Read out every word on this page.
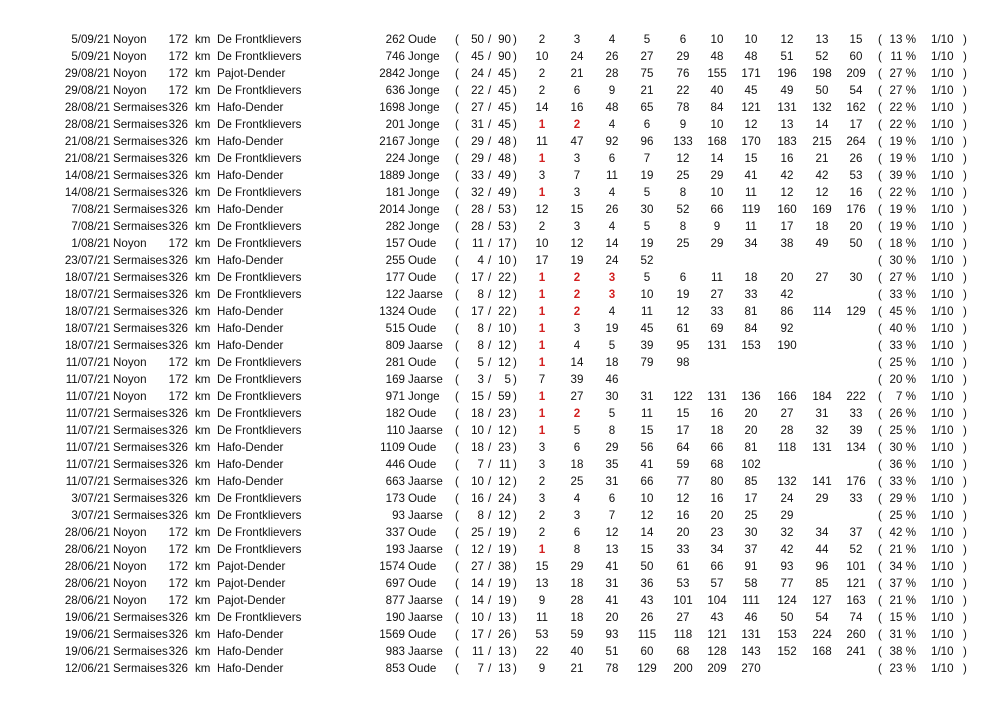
5/09/21 Noyon 172 km De Frontklievers	262 Oude ( 50 / 90 )	2	3	4	5	6	10	10	12	13	15	( 13 % 1/10 )
5/09/21 Noyon 172 km De Frontklievers	746 Jonge ( 45 / 90 )	10	24	26	27	29	48	48	51	52	60	( 11 % 1/10 )
29/08/21 Noyon 172 km Pajot-Dender	2842 Jonge ( 24 / 45 )	2	21	28	75	76	155	171	196	198	209	( 27 % 1/10 )
29/08/21 Noyon 172 km De Frontklievers	636 Jonge ( 22 / 45 )	2	6	9	21	22	40	45	49	50	54	( 27 % 1/10 )
28/08/21 Sermaises 326 km Hafo-Dender	1698 Jonge ( 27 / 45 )	14	16	48	65	78	84	121	131	132	162	( 22 % 1/10 )
28/08/21 Sermaises 326 km De Frontklievers	201 Jonge ( 31 / 45 )	1	2	4	6	9	10	12	13	14	17	( 22 % 1/10 )
21/08/21 Sermaises 326 km Hafo-Dender	2167 Jonge ( 29 / 48 )	11	47	92	96	133	168	170	183	215	264	( 19 % 1/10 )
21/08/21 Sermaises 326 km De Frontklievers	224 Jonge ( 29 / 48 )	1	3	6	7	12	14	15	16	21	26	( 19 % 1/10 )
14/08/21 Sermaises 326 km Hafo-Dender	1889 Jonge ( 33 / 49 )	3	7	11	19	25	29	41	42	42	53	( 39 % 1/10 )
14/08/21 Sermaises 326 km De Frontklievers	181 Jonge ( 32 / 49 )	1	3	4	5	8	10	11	12	12	16	( 22 % 1/10 )
7/08/21 Sermaises 326 km Hafo-Dender	2014 Jonge ( 28 / 53 )	12	15	26	30	52	66	119	160	169	176	( 19 % 1/10 )
7/08/21 Sermaises 326 km De Frontklievers	282 Jonge ( 28 / 53 )	2	3	4	5	8	9	11	17	18	20	( 19 % 1/10 )
1/08/21 Noyon 172 km De Frontklievers	157 Oude ( 11 / 17 )	10	12	14	19	25	29	34	38	49	50	( 18 % 1/10 )
23/07/21 Sermaises 326 km Hafo-Dender	255 Oude ( 4 / 10 )	17	19	24	52	( 30 % 1/10 )
18/07/21 Sermaises 326 km De Frontklievers	177 Oude ( 17 / 22 )	1	2	3	5	6	11	18	20	27	30	( 27 % 1/10 )
18/07/21 Sermaises 326 km De Frontklievers	122 Jaarse ( 8 / 12 )	1	2	3	10	19	27	33	42	( 33 % 1/10 )
18/07/21 Sermaises 326 km Hafo-Dender	1324 Oude ( 17 / 22 )	1	2	4	11	12	33	81	86	114	129	( 45 % 1/10 )
18/07/21 Sermaises 326 km Hafo-Dender	515 Oude ( 8 / 10 )	1	3	19	45	61	69	84	92	( 40 % 1/10 )
18/07/21 Sermaises 326 km Hafo-Dender	809 Jaarse ( 8 / 12 )	1	4	5	39	95	131	153	190	( 33 % 1/10 )
11/07/21 Noyon 172 km De Frontklievers	281 Oude ( 5 / 12 )	1	14	18	79	98	( 25 % 1/10 )
11/07/21 Noyon 172 km De Frontklievers	169 Jaarse ( 3 / 5 )	7	39	46	( 20 % 1/10 )
11/07/21 Noyon 172 km De Frontklievers	971 Jonge ( 15 / 59 )	1	27	30	31	122	131	136	166	184	222	( 7 % 1/10 )
11/07/21 Sermaises 326 km De Frontklievers	182 Oude ( 18 / 23 )	1	2	5	11	15	16	20	27	31	33	( 26 % 1/10 )
11/07/21 Sermaises 326 km De Frontklievers	110 Jaarse ( 10 / 12 )	1	5	8	15	17	18	20	28	32	39	( 25 % 1/10 )
11/07/21 Sermaises 326 km Hafo-Dender	1109 Oude ( 18 / 23 )	3	6	29	56	64	66	81	118	131	134	( 30 % 1/10 )
11/07/21 Sermaises 326 km Hafo-Dender	446 Oude ( 7 / 11 )	3	18	35	41	59	68	102	( 36 % 1/10 )
11/07/21 Sermaises 326 km Hafo-Dender	663 Jaarse ( 10 / 12 )	2	25	31	66	77	80	85	132	141	176	( 33 % 1/10 )
3/07/21 Sermaises 326 km De Frontklievers	173 Oude ( 16 / 24 )	3	4	6	10	12	16	17	24	29	33	( 29 % 1/10 )
3/07/21 Sermaises 326 km De Frontklievers	93 Jaarse ( 8 / 12 )	2	3	7	12	16	20	25	29	( 25 % 1/10 )
28/06/21 Noyon 172 km De Frontklievers	337 Oude ( 25 / 19 )	2	6	12	14	20	23	30	32	34	37	( 42 % 1/10 )
28/06/21 Noyon 172 km De Frontklievers	193 Jaarse ( 12 / 19 )	1	8	13	15	33	34	37	42	44	52	( 21 % 1/10 )
28/06/21 Noyon 172 km Pajot-Dender	1574 Oude ( 27 / 38 )	15	29	41	50	61	66	91	93	96	101	( 34 % 1/10 )
28/06/21 Noyon 172 km Pajot-Dender	697 Oude ( 14 / 19 )	13	18	31	36	53	57	58	77	85	121	( 37 % 1/10 )
28/06/21 Noyon 172 km Pajot-Dender	877 Jaarse ( 14 / 19 )	9	28	41	43	101	104	111	124	127	163	( 21 % 1/10 )
19/06/21 Sermaises 326 km De Frontklievers	190 Jaarse ( 10 / 13 )	11	18	20	26	27	43	46	50	54	74	( 15 % 1/10 )
19/06/21 Sermaises 326 km Hafo-Dender	1569 Oude ( 17 / 26 )	53	59	93	115	118	121	131	153	224	260	( 31 % 1/10 )
19/06/21 Sermaises 326 km Hafo-Dender	983 Jaarse ( 11 / 13 )	22	40	51	60	68	128	143	152	168	241	( 38 % 1/10 )
12/06/21 Sermaises 326 km Hafo-Dender	853 Oude ( 7 / 13 )	9	21	78	129	200	209	270	( 23 % 1/10 )
